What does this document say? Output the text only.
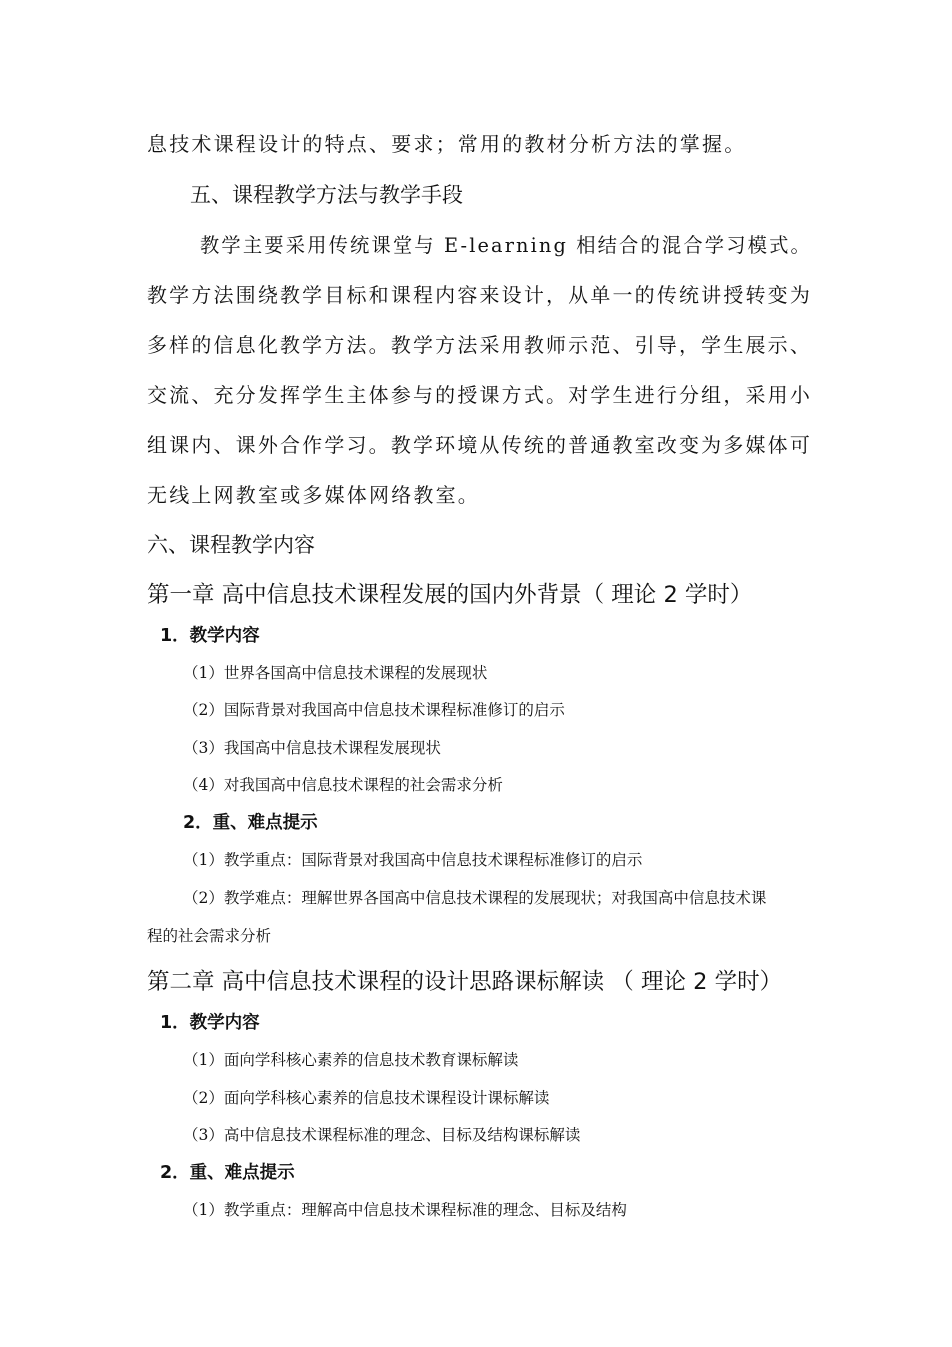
息技术课程设计的特点、要求；常用的教材分析方法的掌握。
五、课程教学方法与教学手段
教学主要采用传统课堂与 E-learning 相结合的混合学习模式。
教学方法围绕教学目标和课程内容来设计，从单一的传统讲授转变为
多样的信息化教学方法。教学方法采用教师示范、引导，学生展示、
交流、充分发挥学生主体参与的授课方式。对学生进行分组，采用小
组课内、课外合作学习。教学环境从传统的普通教室改变为多媒体可
无线上网教室或多媒体网络教室。
六、课程教学内容
第一章 高中信息技术课程发展的国内外背景（ 理论 2 学时）
1．教学内容
（1）世界各国高中信息技术课程的发展现状
（2）国际背景对我国高中信息技术课程标准修订的启示
（3）我国高中信息技术课程发展现状
（4）对我国高中信息技术课程的社会需求分析
2．重、难点提示
（1）教学重点：国际背景对我国高中信息技术课程标准修订的启示
（2）教学难点：理解世界各国高中信息技术课程的发展现状；对我国高中信息技术课
程的社会需求分析
第二章 高中信息技术课程的设计思路课标解读 （ 理论 2 学时）
1．教学内容
（1）面向学科核心素养的信息技术教育课标解读
（2）面向学科核心素养的信息技术课程设计课标解读
（3）高中信息技术课程标准的理念、目标及结构课标解读
2．重、难点提示
（1）教学重点：理解高中信息技术课程标准的理念、目标及结构
